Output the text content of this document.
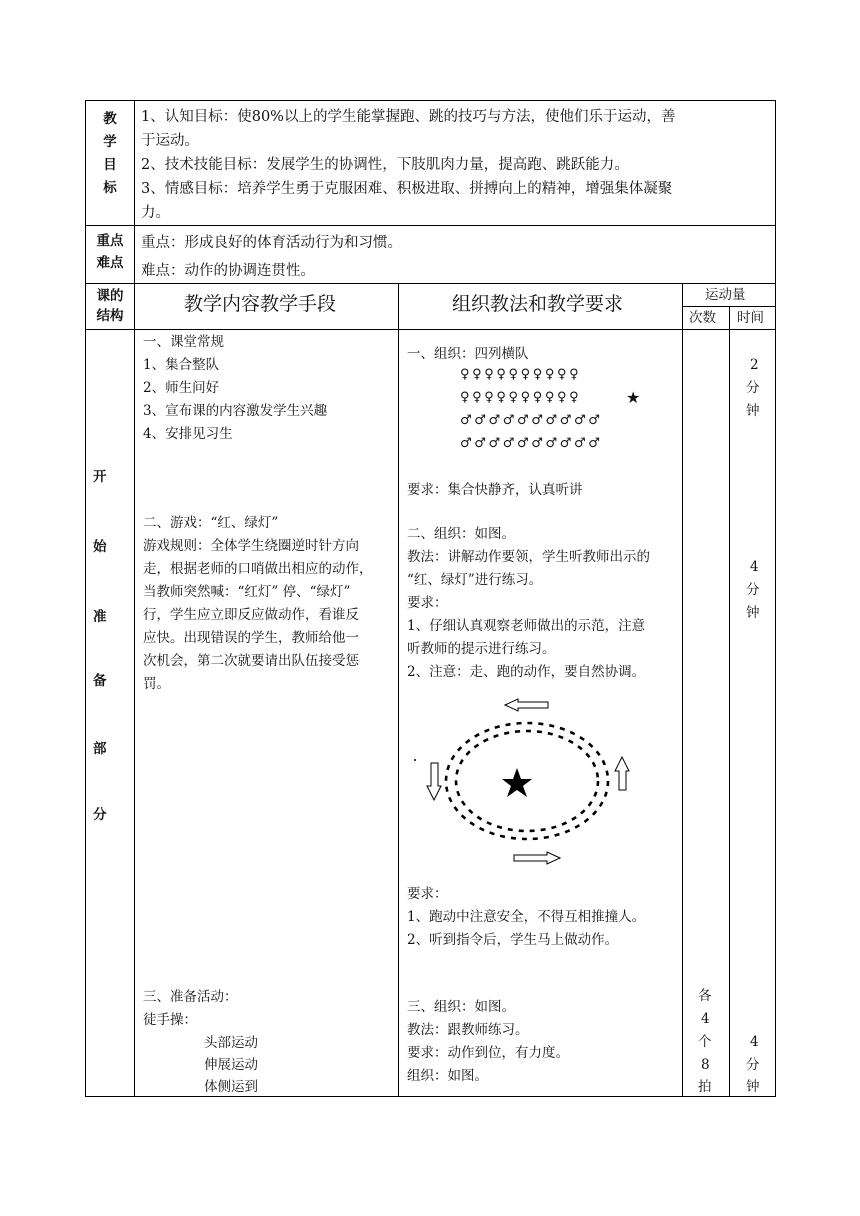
教
学
目
标
1、认知目标：使80%以上的学生能掌握跑、跳的技巧与方法，使他们乐于运动，善
于运动。
2、技术技能目标：发展学生的协调性，下肢肌肉力量，提高跑、跳跃能力。
3、情感目标：培养学生勇于克服困难、积极进取、拼搏向上的精神，增强集体凝聚
力。
重点
难点
重点：形成良好的体育活动行为和习惯。
难点：动作的协调连贯性。
课的
结构
教学内容教学手段	组织教法和教学要求	运动量
次数 时间
开
始
准
备
部
分
一、课堂常规
1、集合整队
2、师生问好
3、宣布课的内容激发学生兴趣
4、安排见习生
二、游戏：“红、绿灯”
游戏规则：全体学生绕圈逆时针方向
走，根据老师的口哨做出相应的动作，
当教师突然喊：“红灯” 停、“绿灯”
行，学生应立即反应做动作，看谁反
应快。出现错误的学生，教师给他一
次机会，第二次就要请出队伍接受惩
罚。
三、准备活动：
徒手操：
头部运动
伸展运动
体侧运到
一、组织：四列横队
♀♀♀♀♀♀♀♀♀♀
♀♀♀♀♀♀♀♀♀♀
♂♂♂♂♂♂♂♂♂♂
♂♂♂♂♂♂♂♂♂♂
★
要求：集合快静齐，认真听讲
二、组织：如图。
教法：讲解动作要领，学生听教师出示的
“红、绿灯”进行练习。
要求：
1、仔细认真观察老师做出的示范，注意
听教师的提示进行练习。
2、注意：走、跑的动作，要自然协调。
要求：
1、跑动中注意安全，不得互相推撞人。
2、听到指令后，学生马上做动作。
三、组织：如图。
教法：跟教师练习。
要求：动作到位，有力度。
组织：如图。
各
4
个
8
拍
2
分
钟
4
分
钟
4
分
钟
